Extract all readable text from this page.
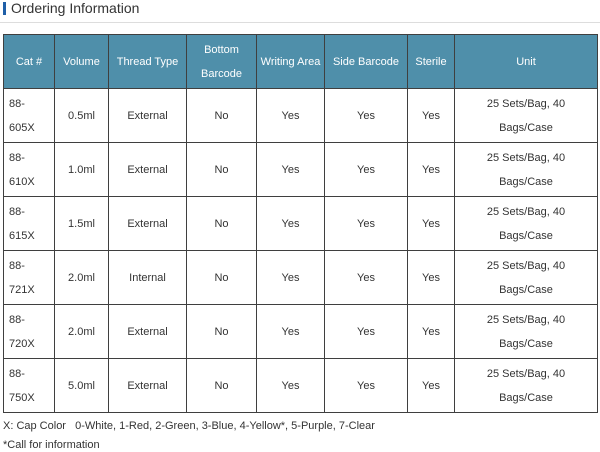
Ordering Information
Cat #	Volume	Thread Type	Bottom Barcode	Writing Area	Side Barcode	Sterile	Unit
88-605X	0.5ml	External	No	Yes	Yes	Yes	25 Sets/Bag, 40 Bags/Case
88-610X	1.0ml	External	No	Yes	Yes	Yes	25 Sets/Bag, 40 Bags/Case
88-615X	1.5ml	External	No	Yes	Yes	Yes	25 Sets/Bag, 40 Bags/Case
88-721X	2.0ml	Internal	No	Yes	Yes	Yes	25 Sets/Bag, 40 Bags/Case
88-720X	2.0ml	External	No	Yes	Yes	Yes	25 Sets/Bag, 40 Bags/Case
88-750X	5.0ml	External	No	Yes	Yes	Yes	25 Sets/Bag, 40 Bags/Case
X: Cap Color   0-White, 1-Red, 2-Green, 3-Blue, 4-Yellow*, 5-Purple, 7-Clear
*Call for information
